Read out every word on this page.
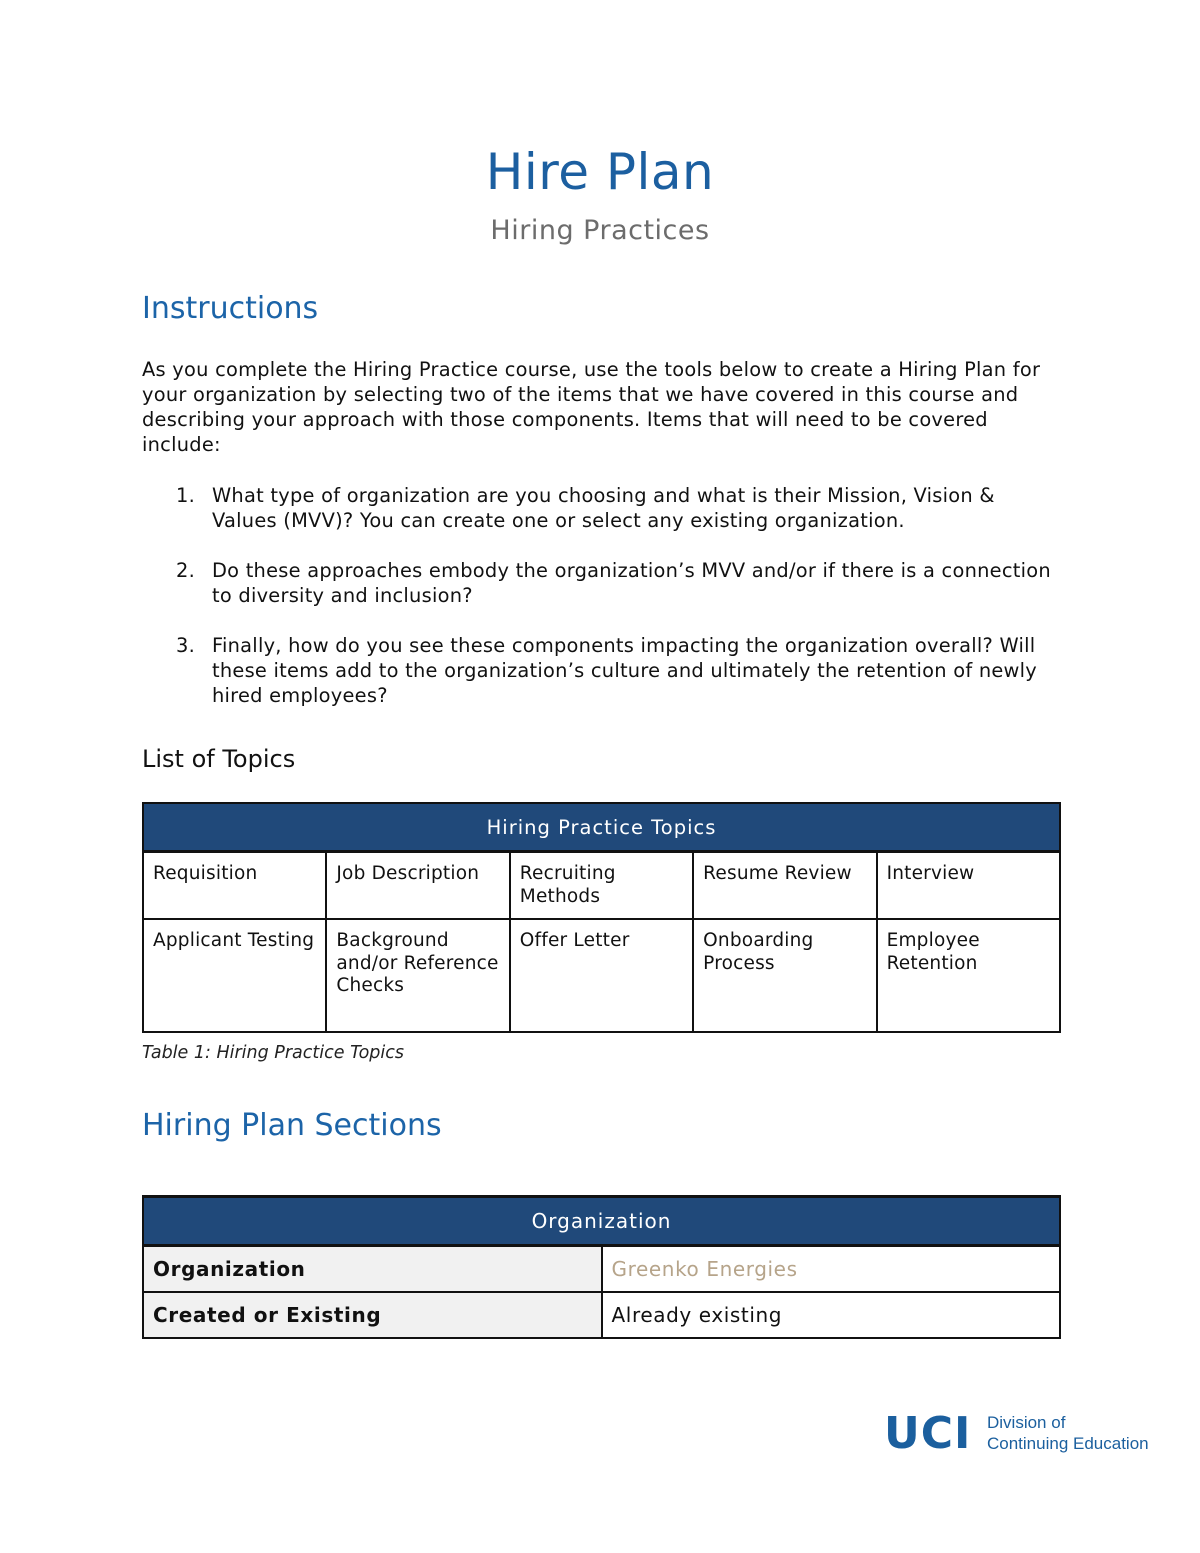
Hire Plan
Hiring Practices
Instructions

As you complete the Hiring Practice course, use the tools below to create a Hiring Plan for your organization by selecting two of the items that we have covered in this course and describing your approach with those components. Items that will need to be covered include:

1. What type of organization are you choosing and what is their Mission, Vision & Values (MVV)? You can create one or select any existing organization.
2. Do these approaches embody the organization’s MVV and/or if there is a connection to diversity and inclusion?
3. Finally, how do you see these components impacting the organization overall? Will these items add to the organization’s culture and ultimately the retention of newly hired employees?
List of Topics
Hiring Practice Topics				
Requisition	Job Description	Recruiting Methods	Resume Review	Interview
Applicant Testing	Background and/or Reference Checks	Offer Letter	Onboarding Process	Employee Retention
Table 1: Hiring Practice Topics
Hiring Plan Sections
Organization	
Organization	Greenko Energies
Created or Existing	Already existing
UCI Division of
Continuing Education
